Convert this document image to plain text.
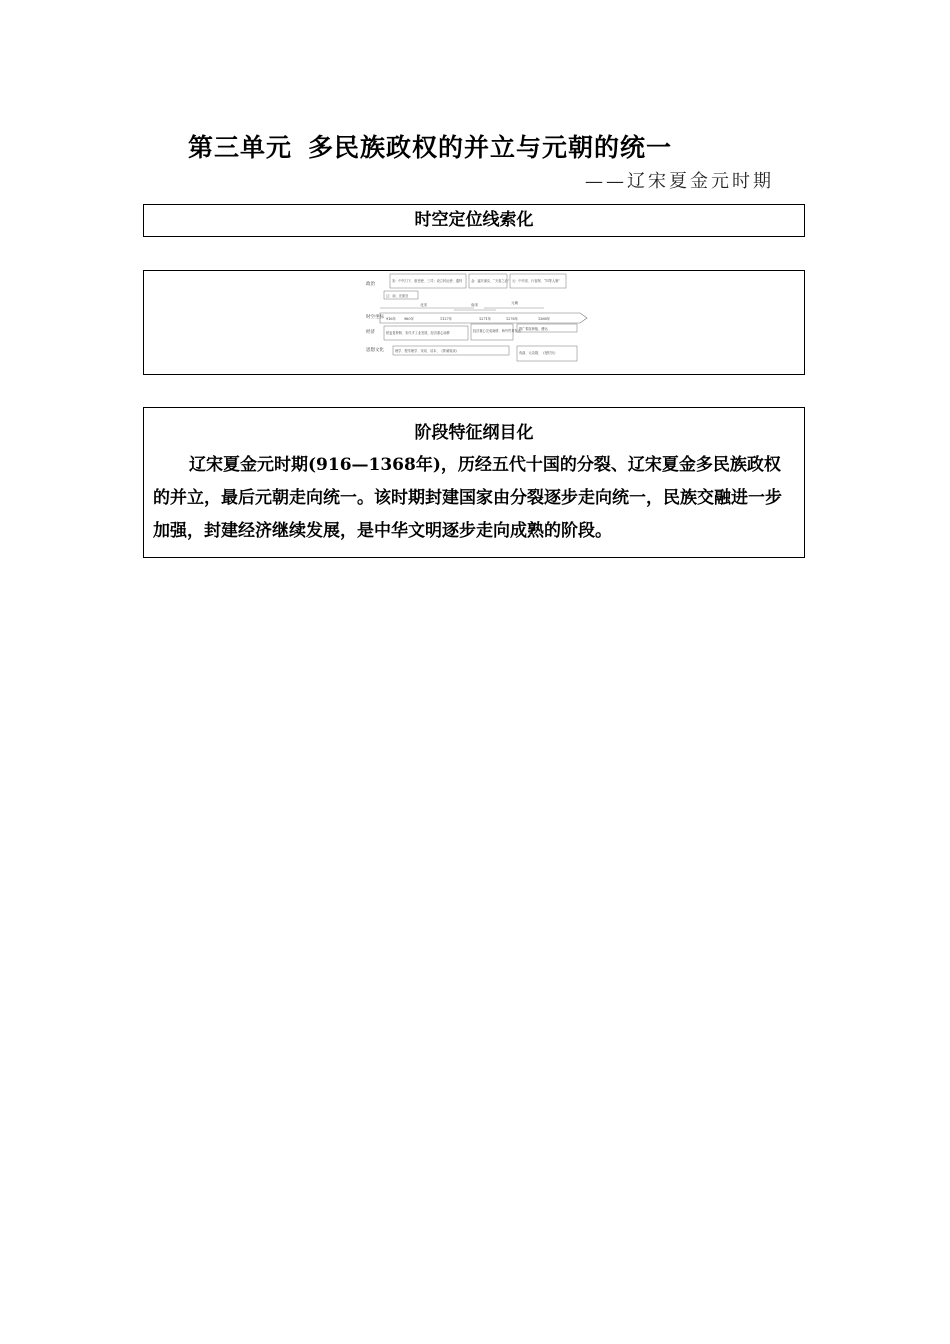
第三单元 多民族政权的并立与元朝的统一
——辽宋夏金元时期
时空定位线索化
政治
时空坐标
经济
思想文化
宋：中书门下、枢密使、三司；设立转运使、通判	金：猛安谋克、“天眷之治” 元：中书省、行省制、“四等人制”
辽：南、北面官
北宋	南宋	元朝
916年 960年	1127年	1271年	1276年	1368年
稻麦复种制、宋代手工业发展、经济重心南移	经济重心完成南移、海外贸易发达
推广棉花种植、漕运
理学、程朱理学、宋词、话本、《梦溪笔谈》	戏曲、元杂剧、《授时历》
阶段特征纲目化
辽宋夏金元时期(916—1368年)，历经五代十国的分裂、辽宋夏金多民族政权的并立，最后元朝走向统一。该时期封建国家由分裂逐步走向统一，民族交融进一步加强，封建经济继续发展，是中华文明逐步走向成熟的阶段。
